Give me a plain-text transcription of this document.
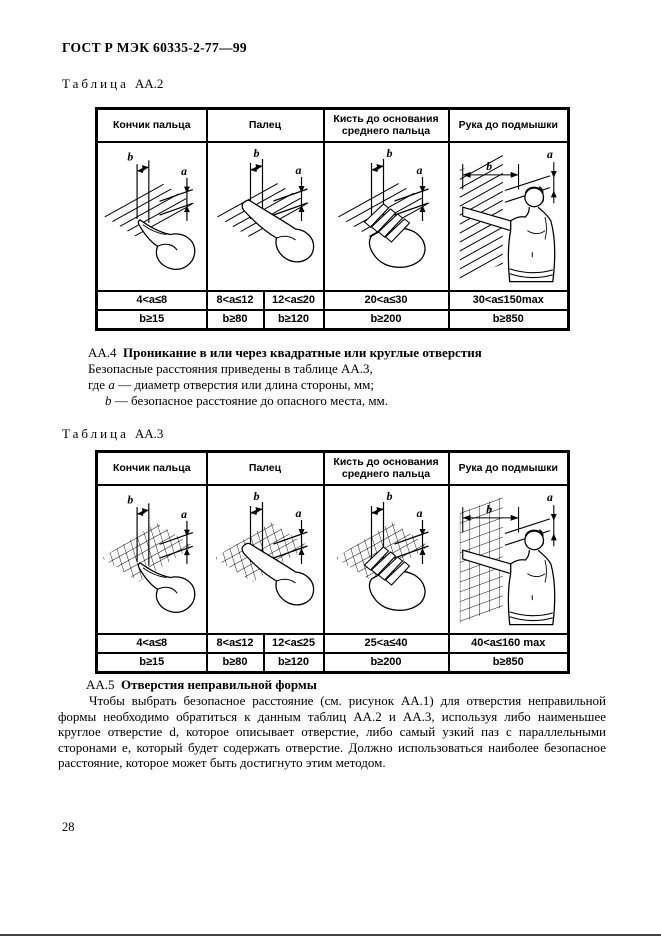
ГОСТ Р МЭК 60335-2-77—99
Таблица АА.2
Кончик пальца	Палец		Кисть до основания среднего пальца	Рука до подмышки

b
a	b
a		b
a	b
a

4<a≤8	8<a≤12	12<a≤20	20<a≤30	30<a≤150max
b≥15	b≥80	b≥120	b≥200	b≥850
АА.4 Проникание в или через квадратные или круглые отверстия
Безопасные расстояния приведены в таблице АА.3,
где а — диаметр отверстия или длина стороны, мм;
b — безопасное расстояние до опасного места, мм.
Таблица АА.3
Кончик пальца	Палец		Кисть до основания среднего пальца	Рука до подмышки

b
a	b
a		b
a	b
a

4<a≤8	8<a≤12	12<a≤25	25<a≤40	40<a≤160 max
b≥15	b≥80	b≥120	b≥200	b≥850
АА.5 Отверстия неправильной формы
Чтобы выбрать безопасное расстояние (см. рисунок АА.1) для отверстия неправильной формы необходимо обратиться к данным таблиц АА.2 и АА.3, используя либо наименьшее круглое отверстие d, которое описывает отверстие, либо самый узкий паз с параллельными сторонами е, который будет содержать отверстие. Должно использоваться наиболее безопасное расстояние, которое может быть достигнуто этим методом.
28
